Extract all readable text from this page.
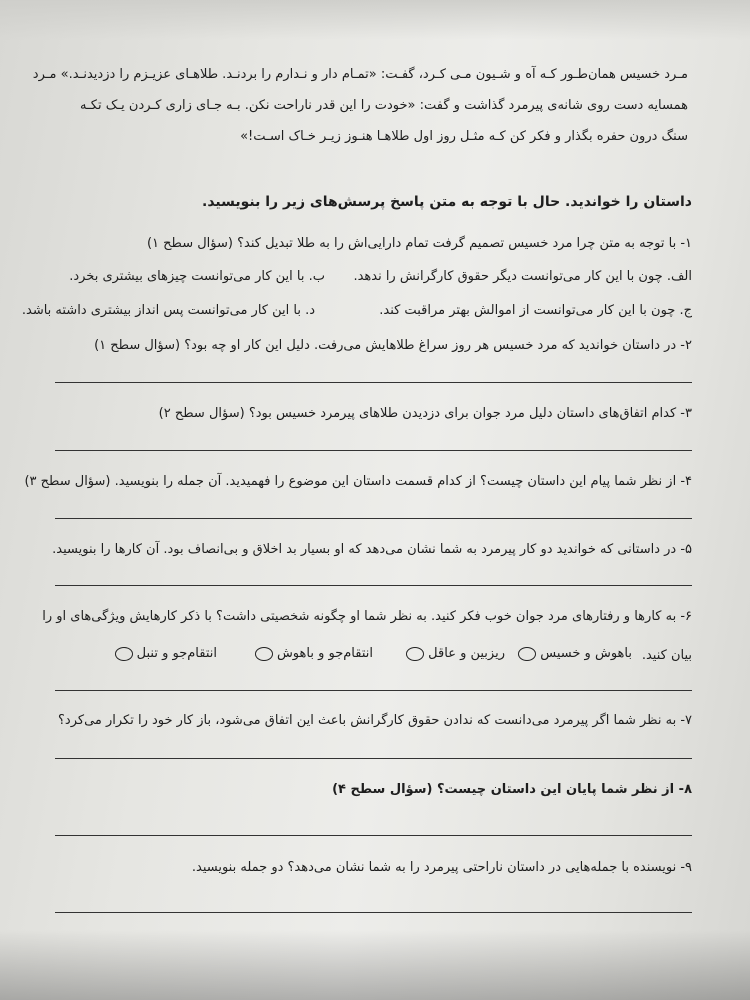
مـرد خسیس همان‌طـور کـه آه و شـیون مـی کـرد، گفـت: «تمـام دار و نـدارم را بردنـد. طلاهـای عزیـزم را دزدیدنـد.» مـرد

همسایه دست روی شانه‌ی پیرمرد گذاشت و گفت: «خودت را این قدر ناراحت نکن. بـه جـای زاری کـردن یـک تکـه

سنگ درون حفره بگذار و فکر کن کـه مثـل روز اول طلاهـا هنـوز زیـر خـاک اسـت!»

داستان را خواندید. حال با توجه به متن پاسخ پرسش‌های زیر را بنویسید.

۱- با توجه به متن چرا مرد خسیس تصمیم گرفت تمام دارایی‌اش را به طلا تبدیل کند؟ (سؤال سطح ۱)

الف. چون با این کار می‌توانست دیگر حقوق کارگرانش را ندهد.

ب. با این کار می‌توانست چیزهای بیشتری بخرد.

ج. چون با این کار می‌توانست از اموالش بهتر مراقبت کند.

د. با این کار می‌توانست پس انداز بیشتری داشته باشد.

۲- در داستان خواندید که مرد خسیس هر روز سراغ طلاهایش می‌رفت. دلیل این کار او چه بود؟ (سؤال سطح ۱)

۳- کدام اتفاق‌های داستان دلیل مرد جوان برای دزدیدن طلاهای پیرمرد خسیس بود؟ (سؤال سطح ۲)

۴- از نظر شما پیام این داستان چیست؟ از کدام قسمت داستان این موضوع را فهمیدید. آن جمله را بنویسید. (سؤال سطح ۳)

۵- در داستانی که خواندید دو کار پیرمرد به شما نشان می‌دهد که او بسیار بد اخلاق و بی‌انصاف بود. آن کارها را بنویسید.

۶- به کارها و رفتارهای مرد جوان خوب فکر کنید. به نظر شما او چگونه شخصیتی داشت؟ با ذکر کارهایش ویژگی‌های او را

بیان کنید.

باهوش و خسیس
ریزبین و عاقل
انتقام‌جو و باهوش
انتقام‌جو و تنبل

۷- به نظر شما اگر پیرمرد می‌دانست که ندادن حقوق کارگرانش باعث این اتفاق می‌شود، باز کار خود را تکرار می‌کرد؟

۸- از نظر شما پایان این داستان چیست؟ (سؤال سطح ۴)

۹- نویسنده با جمله‌هایی در داستان ناراحتی پیرمرد را به شما نشان می‌دهد؟ دو جمله بنویسید.
